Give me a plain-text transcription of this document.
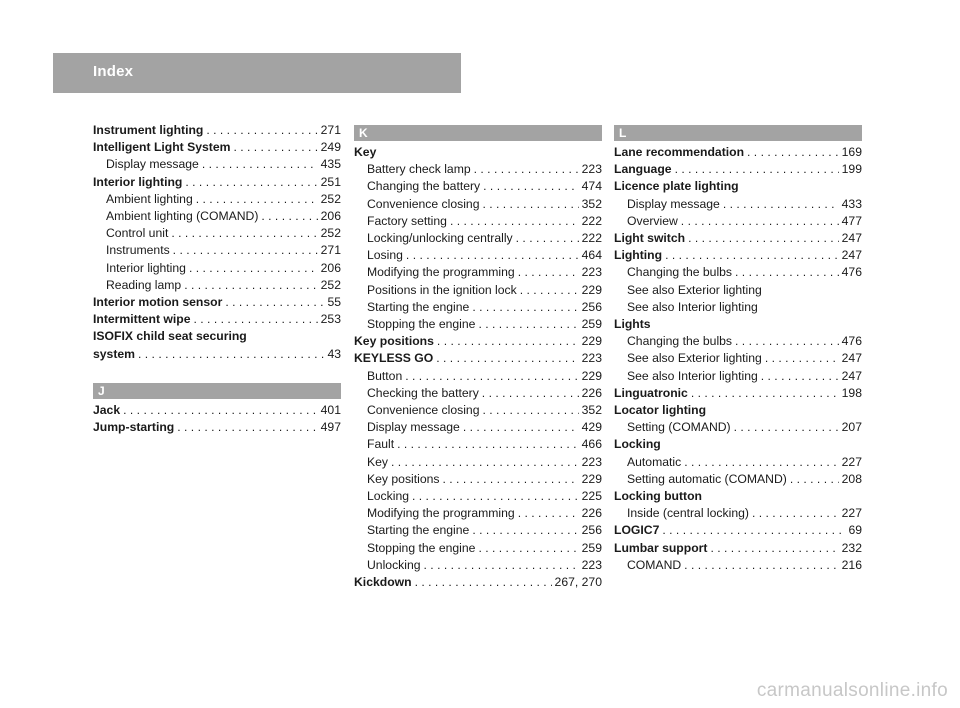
Index
Instrument lighting . . .	271
Intelligent Light System . . .	249
Display message . . .	435
Interior lighting . . .	251
Ambient lighting . . .	252
Ambient lighting (COMAND) . . .	206
Control unit . . .	252
Instruments . . .	271
Interior lighting . . .	206
Reading lamp . . .	252
Interior motion sensor . . .	55
Intermittent wipe . . .	253
ISOFIX child seat securing
system . . .	43
J
Jack . . .	401
Jump-starting . . .	497
K
Key
Battery check lamp . . .	223
Changing the battery . . .	474
Convenience closing . . .	352
Factory setting . . .	222
Locking/unlocking centrally . . .	222
Losing . . .	464
Modifying the programming . . .	223
Positions in the ignition lock . . .	229
Starting the engine . . .	256
Stopping the engine . . .	259
Key positions . . .	229
KEYLESS GO . . .	223
Button . . .	229
Checking the battery . . .	226
Convenience closing . . .	352
Display message . . .	429
Fault . . .	466
Key . . .	223
Key positions . . .	229
Locking . . .	225
Modifying the programming . . .	226
Starting the engine . . .	256
Stopping the engine . . .	259
Unlocking . . .	223
Kickdown . . .	267, 270
L
Lane recommendation . . .	169
Language . . .	199
Licence plate lighting
Display message . . .	433
Overview . . .	477
Light switch . . .	247
Lighting . . .	247
Changing the bulbs . . .	476
See also Exterior lighting
See also Interior lighting
Lights
Changing the bulbs . . .	476
See also Exterior lighting . . .	247
See also Interior lighting . . .	247
Linguatronic . . .	198
Locator lighting
Setting (COMAND) . . .	207
Locking
Automatic . . .	227
Setting automatic (COMAND) . . .	208
Locking button
Inside (central locking) . . .	227
LOGIC7 . . .	69
Lumbar support . . .	232
COMAND . . .	216
carmanualsonline.info
